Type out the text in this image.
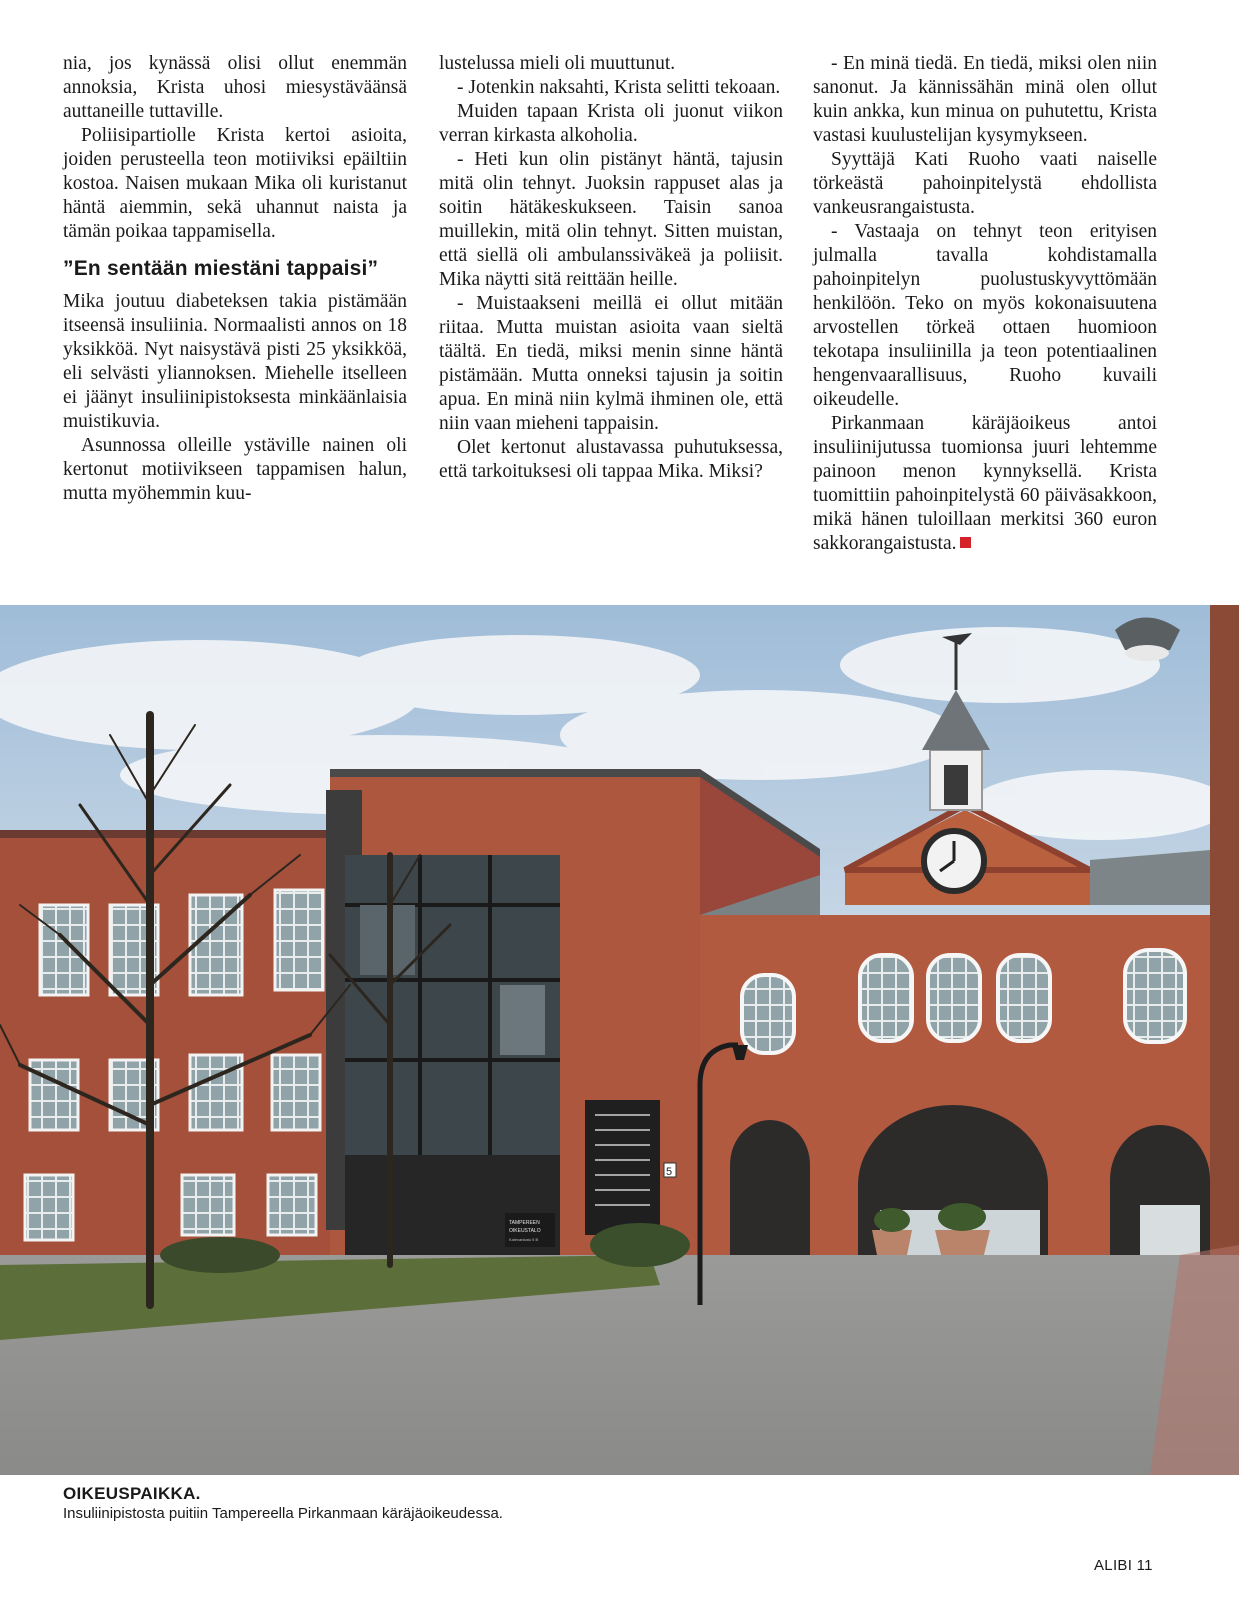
nia, jos kynässä olisi ollut enemmän annoksia, Krista uhosi miesystäväänsä auttaneille tuttaville.

Poliisipartiolle Krista kertoi asioita, joiden perusteella teon motiiviksi epäiltiin kostoa. Naisen mukaan Mika oli kuristanut häntä aiemmin, sekä uhannut naista ja tämän poikaa tappamisella.

”En sentään miestäni tappaisi”

Mika joutuu diabeteksen takia pistämään itseensä insuliinia. Normaalisti annos on 18 yksikköä. Nyt naisystävä pisti 25 yksikköä, eli selvästi yliannoksen. Miehelle itselleen ei jäänyt insuliinipistoksesta minkäänlaisia muistikuvia.

Asunnossa olleille ystäville nainen oli kertonut motiivikseen tappamisen halun, mutta myöhemmin kuu-

lustelussa mieli oli muuttunut.

- Jotenkin naksahti, Krista selitti tekoaan.

Muiden tapaan Krista oli juonut viikon verran kirkasta alkoholia.

- Heti kun olin pistänyt häntä, tajusin mitä olin tehnyt. Juoksin rappuset alas ja soitin hätäkeskukseen. Taisin sanoa muillekin, mitä olin tehnyt. Sitten muistan, että siellä oli ambulanssiväkeä ja poliisit. Mika näytti sitä reittään heille.

- Muistaakseni meillä ei ollut mitään riitaa. Mutta muistan asioita vaan sieltä täältä. En tiedä, miksi menin sinne häntä pistämään. Mutta onneksi tajusin ja soitin apua. En minä niin kylmä ihminen ole, että niin vaan mieheni tappaisin.

Olet kertonut alustavassa puhutuksessa, että tarkoituksesi oli tappaa Mika. Miksi?

- En minä tiedä. En tiedä, miksi olen niin sanonut. Ja kännissähän minä olen ollut kuin ankka, kun minua on puhutettu, Krista vastasi kuulustelijan kysymykseen.

Syyttäjä Kati Ruoho vaati naiselle törkeästä pahoinpitelystä ehdollista vankeusrangaistusta.

- Vastaaja on tehnyt teon erityisen julmalla tavalla kohdistamalla pahoinpitelyn puolustuskyvyttömään henkilöön. Teko on myös kokonaisuutena arvostellen törkeä ottaen huomioon tekotapa insuliinilla ja teon potentiaalinen hengenvaarallisuus, Ruoho kuvaili oikeudelle.

Pirkanmaan käräjäoikeus antoi insuliinijutussa tuomionsa juuri lehtemme painoon menon kynnyksellä. Krista tuomittiin pahoinpitelystä 60 päiväsakkoon, mikä hänen tuloillaan merkitsi 360 euron sakkorangaistusta.

5
TAMPEREEN
OIKEUSTALO
Kalevankatu 5 B
OIKEUSPAIKKA.
Insuliinipistosta puitiin Tampereella Pirkanmaan käräjäoikeudessa.
ALIBI 11
